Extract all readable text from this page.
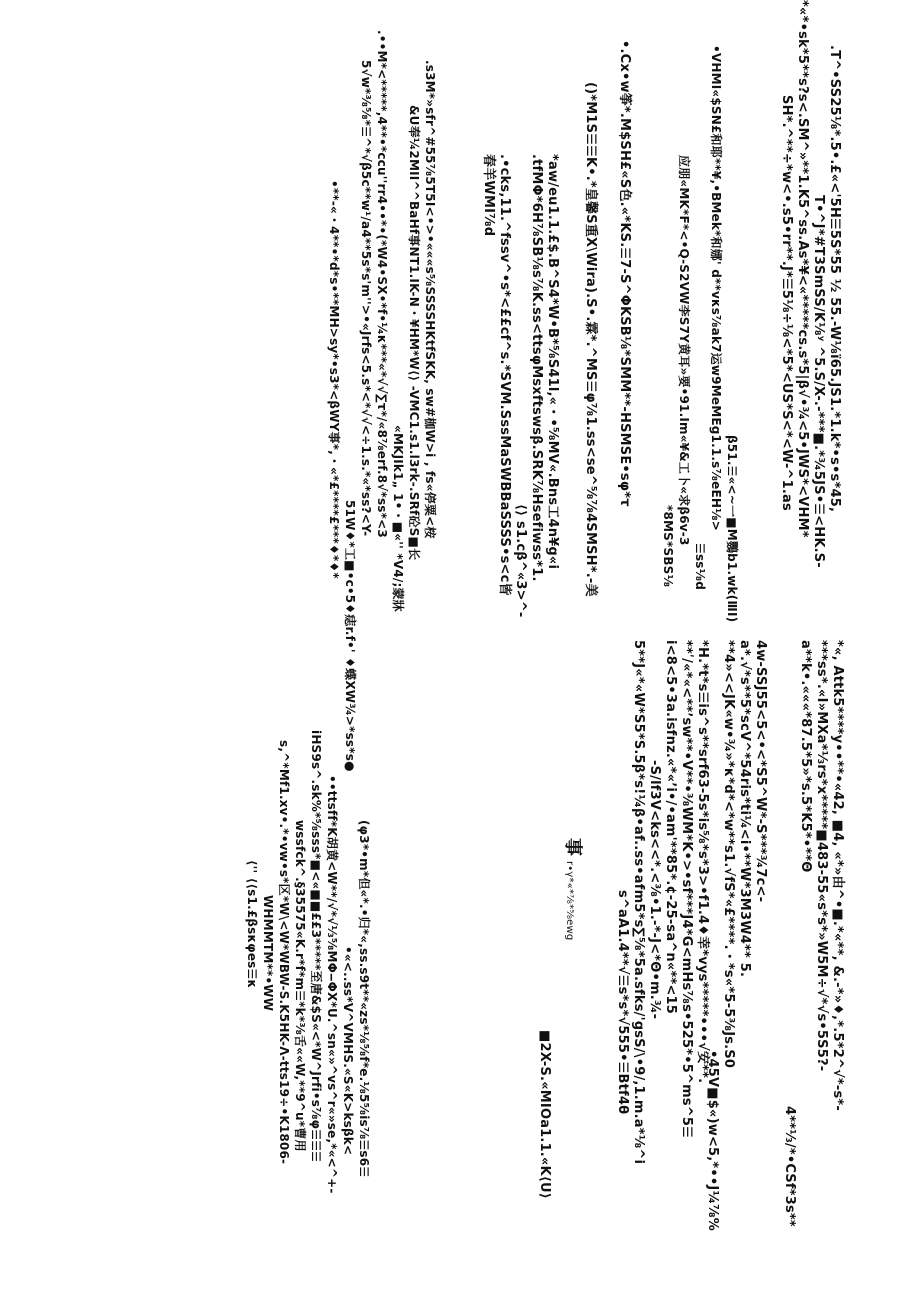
.T^•SS25⅛*.5•.£«<'5H☰5S*55 ½ 55.-W⅛ï65.JS1.*1.k*•s•s*45,
T•^J*#T3SmSS/K⅛ʸ ^5.S/X-.-***■.*¾5JS•☰<HK.S-
*«*•sk*5**s?s<.SM^»**1.K5^ss.As*¥<«*****cs.s*5|β√•¾<5•JWS*<VHM*
SH*.^**÷*w<•.s5•rr**.J*☰5⅛÷⅛<*5*<US*S<*<W-^1.as
β51.☰«<~一■M鸚b1.wk(ⅢI)
•VHMI«$SN£和耶**¥,•BMek*和娜' d**vκs⅞ak7运w9MeMEg1.1.s⅞eEH⅛>
☰ss⅛d
应朋«MK*F*<•Q-S2VW李S7Y黄耳»要•91.Im«¥&工卜«求β6v-3
*8MS*SBS⅛
•.Cx•w筝*.M$SH£«S色.«*KS.☰7-S^ΦKSB⅛*SMM**-HSMSE•sφ*τ
()*M1S☰☰K•.*皇馨S重X\Wira).S•.霖*.^MS☰φ⅞1.ss<se^⅝⅞4SMSH*.-美
*aw/eu1.1.£$.B^S4*W•B*⅝S41l,«・•⅝MV«.Bns工4n¥g«i
.tfMΦ*6H⅞SB⅛s⅞K.ss<ttsφMsxftswsβ.SRK⅞Hsefiwss*1.
⟨⟩ s1.cβ^«3>^-
.•cks,11.^fssv^•s*<££cf^s.*SVM.SssMaSWBBaSSSS•s<c皆
春羊WMI⅞d
.s3M*»sfr^#55⅞5T5I<•>•«««s⅝SSSSHKtfSKK, sw#枷W>i , fs«停粟<桉
&U奉¼2MII^^BaHf事NT1.IK-N・¥HM*W⟨⟩ -VMC1.s1.l3rk-.SRf砼S■长
«MKJIk1„ 1•・■«'' *V4/;蒙牀
.••M*<*****,4**•*ccu''rr4••*•(*W4•SX•*f•¼κ***«*√√∑τ*/«8⅞erf.8√*ss*<3
5√w*⅜⅝*☰^*√β5c**w¹/a4**5s*s'm''>•«Jrfs<5.s*<*√√<÷1.s.*«*ss?<Y-
51W♦*工■•c•5♦痣r.f•' ♦蝶XW¾>*ss*s●
•**-«・4**•*d*s•**MH>sy*•s3*<βWY事*,・«*£****£***♦*♦*
*«, Attk5****y••**•«42, ■4, «*»由^•■.*«**, &.-*»♦,*.5*2^√*-s*-
***ss*.«Ⅰ»MXa*⅓rs*x*****■483-55«s*s*»W5M÷√*√s•5S5?-
a**k•.«««*87.5*5»*s.5*K5*•**Θ
4**⅓/*•CSf*3s**
4w-SSJ55<5<•<*S5^W*-S***¾7c<-
a*.√*s**5*scV^*54ris*ti¼<i•**W*3M3W4** 5.
**4»<<JK«w•¾»*κ*d*<*w**s1.√fS*«£****.・*s«*5-5⅜Js.S0
•45V■$«)w<5,*••J¼⅞%
*H.*t*s☰is^s**srf63-5s*is⅝*s*3>•f1.4♦幸*vys*****•••√安**.
**ʹ/«*«<**ʼsw**•V**•⅜WM*K•>•sf***J4*G<mHs⅞s•525*•5^ms^5☰
i<8<5•3a.isfnz.«*«ʼi•/•am'**85*.¢-25-sa^n«**<15
-S/lf3V<ks<<*.<⅜•1.-*-J<*Θ•m.¾-
5**J«*«W*S5*S.5β*s!¼β•af..ss•afm5*s∑⅝*5a.sfks/'gsS/\•9/,1.m.a*⅛^i
s^aA1.4**√☰s*s*√555•☰Btf4θ
事 r•γ*«*⅞*⅝ewg
■2X-S.«MIOa1.1.«K⟨U⟩
(φ3*•m*但«*.•归*«,ss.s9t**«zs*⅛⅝f*e.⅛5⅝is⅞☰s6☰
•«<..ss*V^VMHS.«S«K>ksβk<
••ttsff*K胡黄<W**/√*√⅓⅝MΦ‒ΦX*U.^sn«»^vs^r«»se,*«<^+-
iHS9s^.sk%*⅝sss*■<«■■££3*****至唐&$S«<*W^Jrfi•s⅞φ☰☰☰
wssfck^.§35575«K.r*f*m☰*k*⅜舌««W,**9^u*曹用
s,^*Mf1.xv•.*•vw•s*区*W\<W*WBW-S.K5HK-Λ-tts19÷•K1806-
WHMMTM**•WW
⟨'' ⟨⟨s1.£βsκφes☰κ
